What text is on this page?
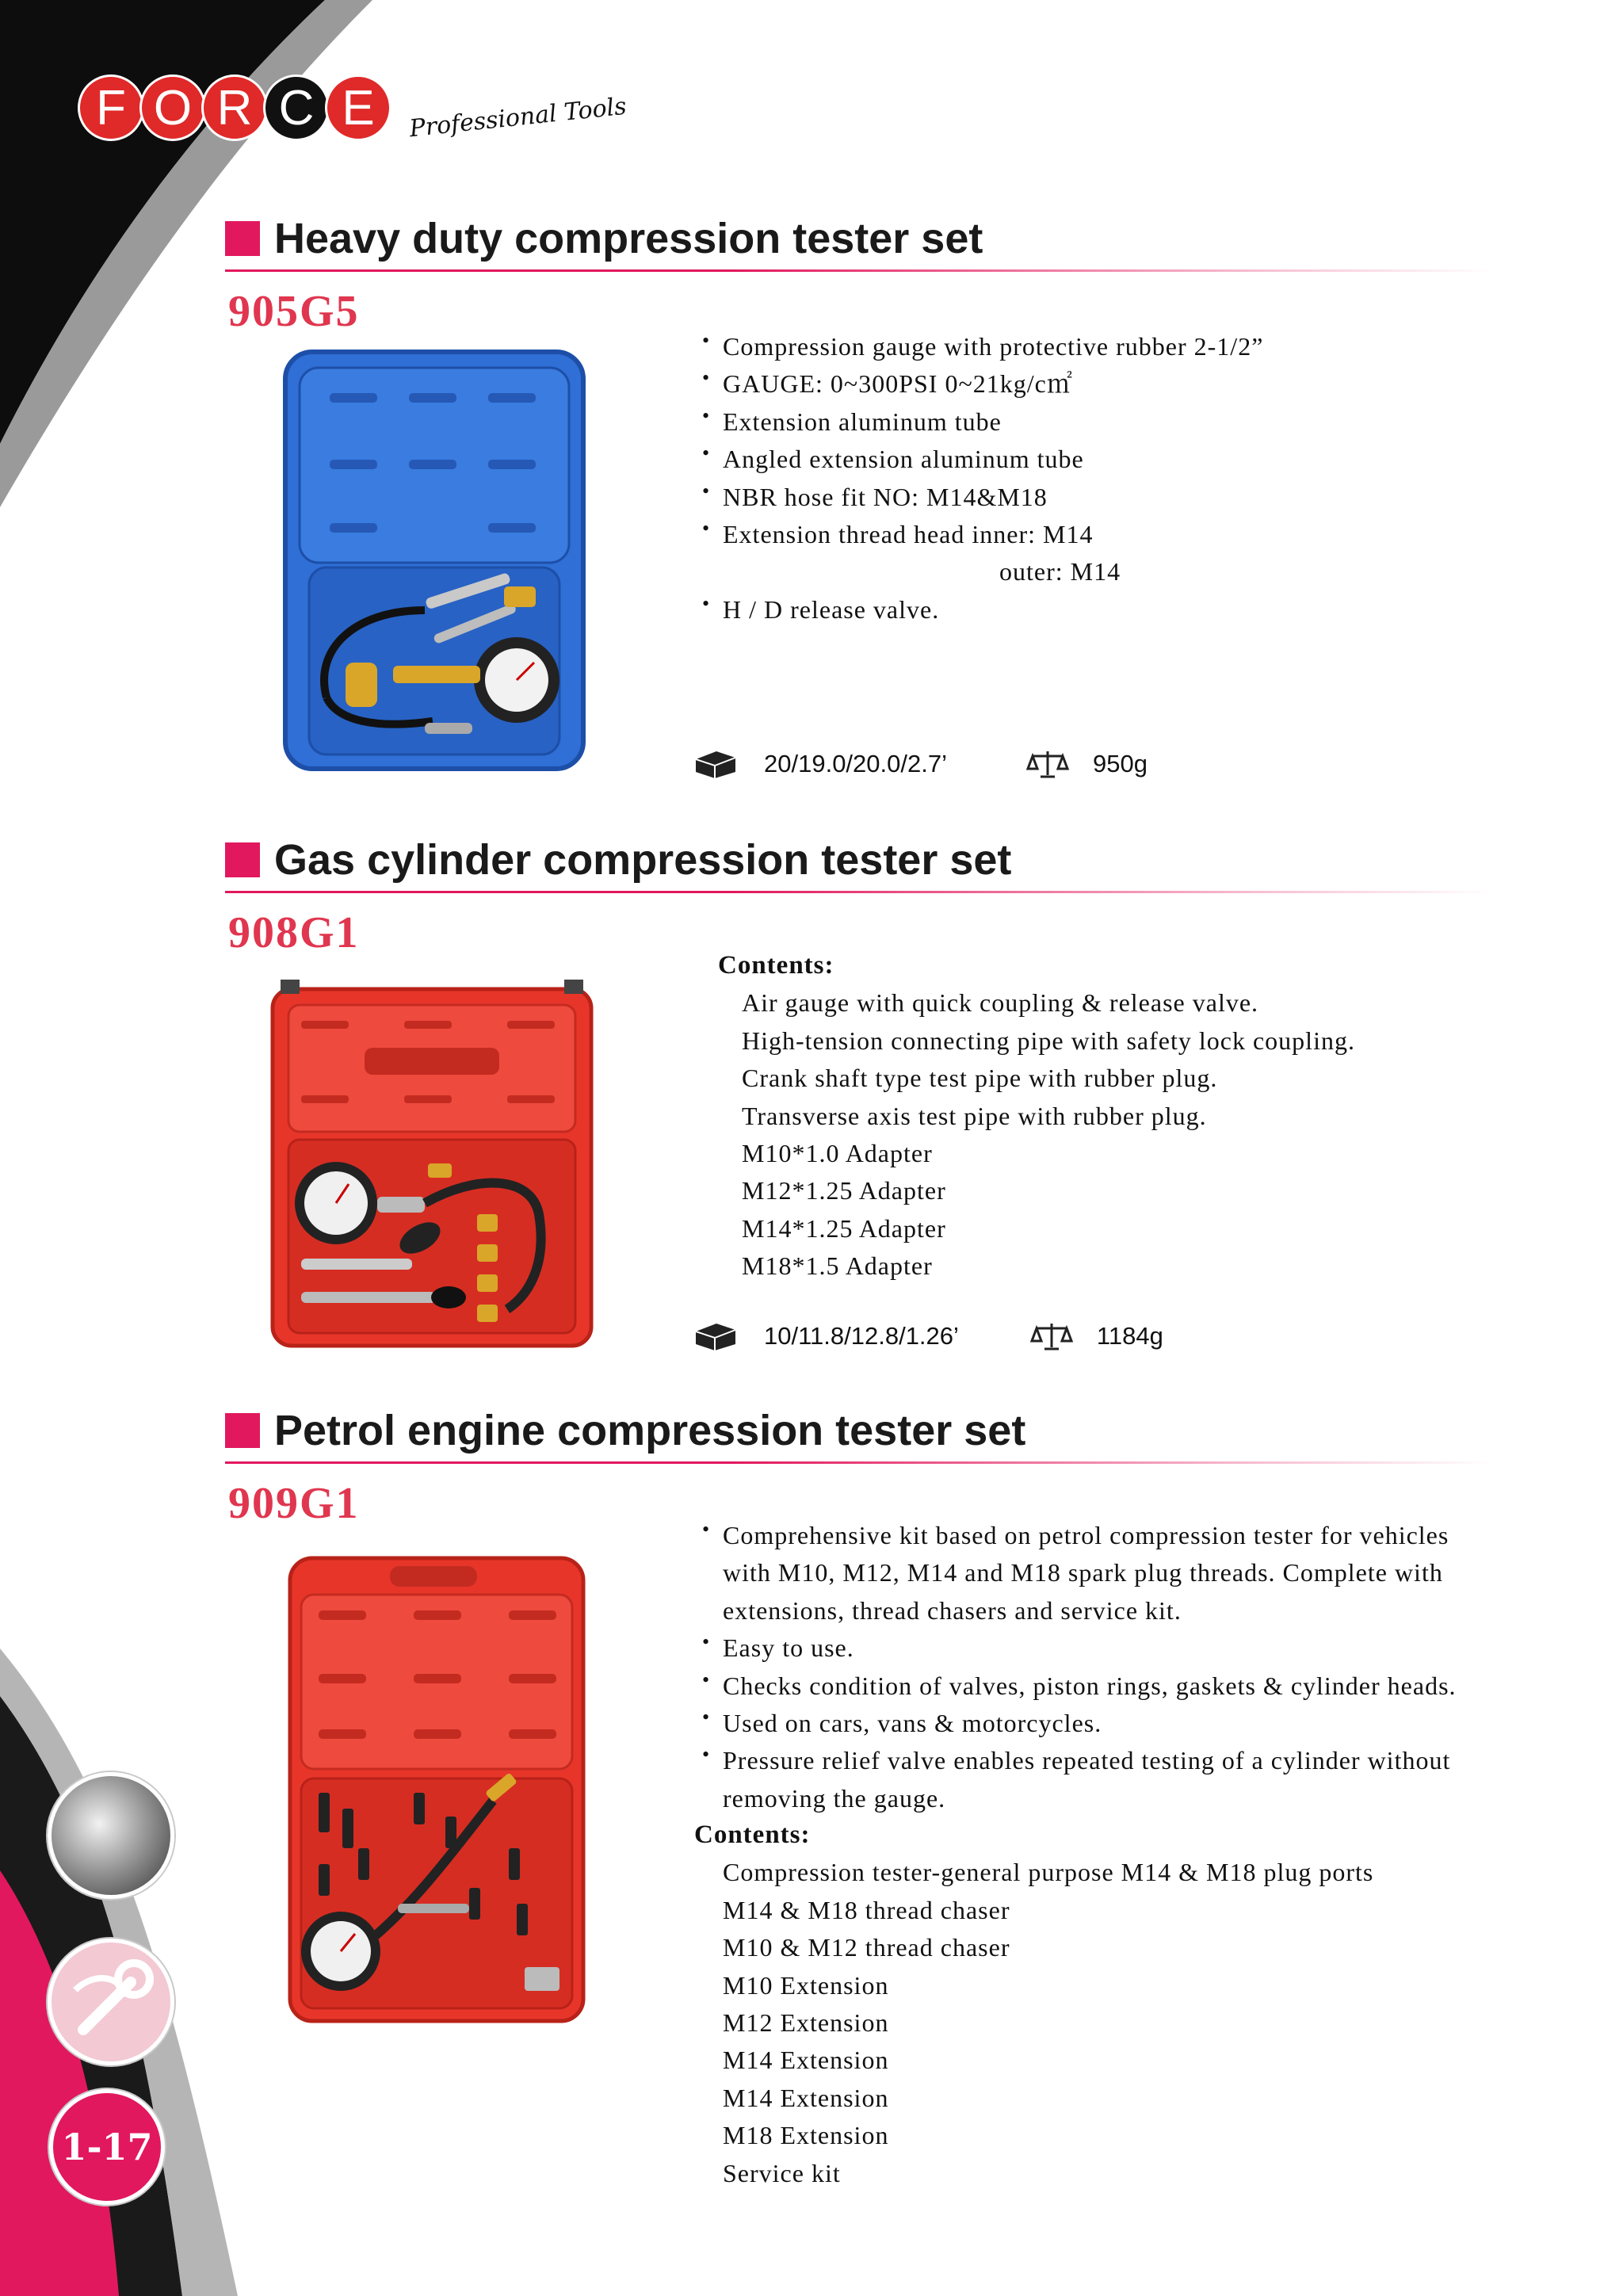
F O R C E	Professional Tools
Heavy duty compression tester set
905G5
• Compression gauge with protective rubber 2-1/2”
• GAUGE: 0~300PSI 0~21kg/c㎡
• Extension aluminum tube
• Angled extension aluminum tube
• NBR hose fit NO: M14&M18
• Extension thread head inner: M14
outer: M14
• H / D release valve.
20/19.0/20.0/2.7’	950g
Gas cylinder compression tester set
908G1
Contents:
Air gauge with quick coupling & release valve.
High-tension connecting pipe with safety lock coupling.
Crank shaft type test pipe with rubber plug.
Transverse axis test pipe with rubber plug.
M10*1.0 Adapter
M12*1.25 Adapter
M14*1.25 Adapter
M18*1.5 Adapter
10/11.8/12.8/1.26’	1184g
Petrol engine compression tester set
909G1
• Comprehensive kit based on petrol compression tester for vehicles
with M10, M12, M14 and M18 spark plug threads. Complete with
extensions, thread chasers and service kit.
• Easy to use.
• Checks condition of valves, piston rings, gaskets & cylinder heads.
• Used on cars, vans & motorcycles.
• Pressure relief valve enables repeated testing of a cylinder without
removing the gauge.
Contents:
Compression tester-general purpose M14 & M18 plug ports
M14 & M18 thread chaser
M10 & M12 thread chaser
M10 Extension
M12 Extension
M14 Extension
M14 Extension
M18 Extension
Service kit
1-17
